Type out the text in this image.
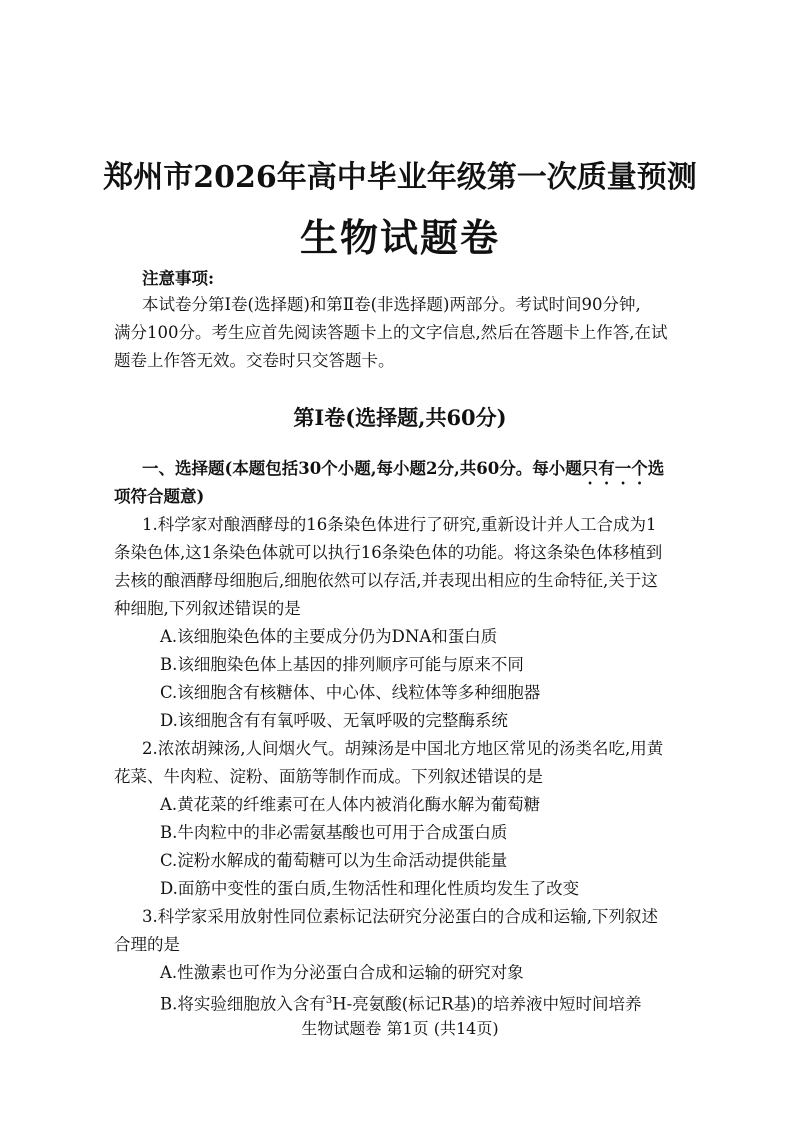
郑州市2026年高中毕业年级第一次质量预测
生物试题卷
注意事项:
本试卷分第Ⅰ卷(选择题)和第Ⅱ卷(非选择题)两部分。考试时间90分钟,
满分100分。考生应首先阅读答题卡上的文字信息,然后在答题卡上作答,在试
题卷上作答无效。交卷时只交答题卡。
第Ⅰ卷(选择题,共60分)
一、选择题(本题包括30个小题,每小题2分,共60分。每小题只有一个选
项符合题意)
1.科学家对酿酒酵母的16条染色体进行了研究,重新设计并人工合成为1
条染色体,这1条染色体就可以执行16条染色体的功能。将这条染色体移植到
去核的酿酒酵母细胞后,细胞依然可以存活,并表现出相应的生命特征,关于这
种细胞,下列叙述错误的是
A.该细胞染色体的主要成分仍为DNA和蛋白质
B.该细胞染色体上基因的排列顺序可能与原来不同
C.该细胞含有核糖体、中心体、线粒体等多种细胞器
D.该细胞含有有氧呼吸、无氧呼吸的完整酶系统
2.浓浓胡辣汤,人间烟火气。胡辣汤是中国北方地区常见的汤类名吃,用黄
花菜、牛肉粒、淀粉、面筋等制作而成。下列叙述错误的是
A.黄花菜的纤维素可在人体内被消化酶水解为葡萄糖
B.牛肉粒中的非必需氨基酸也可用于合成蛋白质
C.淀粉水解成的葡萄糖可以为生命活动提供能量
D.面筋中变性的蛋白质,生物活性和理化性质均发生了改变
3.科学家采用放射性同位素标记法研究分泌蛋白的合成和运输,下列叙述
合理的是
A.性激素也可作为分泌蛋白合成和运输的研究对象
B.将实验细胞放入含有$^3$H-亮氨酸(标记R基)的培养液中短时间培养
生物试题卷 第1页 (共14页)
